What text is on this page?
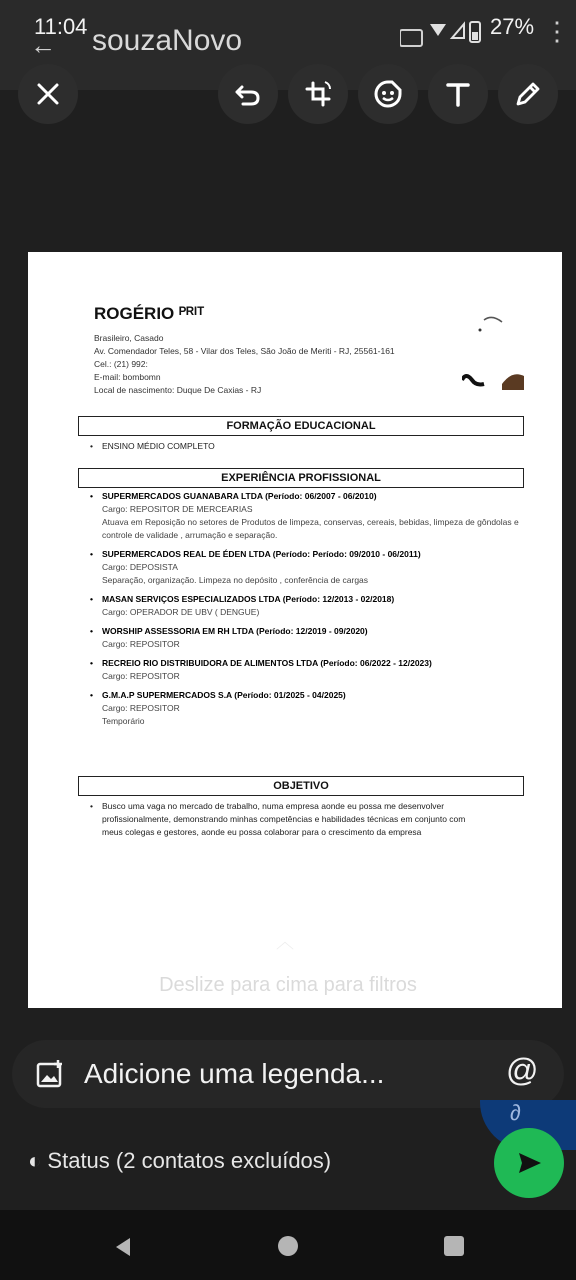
11:04
← souzaNovo	27% ⋮
ROGÉRIO ᴾᴿᴵᵀ
Brasileiro, Casado
Av. Comendador Teles, 58 - Vilar dos Teles, São João de Meriti - RJ, 25561-161
Cel.: (21) 992:
E-mail: bombomn
Local de nascimento: Duque De Caxias - RJ
FORMAÇÃO EDUCACIONAL
• ENSINO MÉDIO COMPLETO
EXPERIÊNCIA PROFISSIONAL
• SUPERMERCADOS GUANABARA LTDA (Período: 06/2007 - 06/2010)
Cargo: REPOSITOR DE MERCEARIAS
Atuava em Reposição no setores de Produtos de limpeza, conservas, cereais, bebidas, limpeza de gôndolas e controle de validade , arrumação e separação.
• SUPERMERCADOS REAL DE ÉDEN LTDA (Período: Período: 09/2010 - 06/2011)
Cargo: DEPOSISTA
Separação, organização. Limpeza no depósito , conferência de cargas
• MASAN SERVIÇOS ESPECIALIZADOS LTDA (Período: 12/2013 - 02/2018)
Cargo: OPERADOR DE UBV ( DENGUE)
• WORSHIP ASSESSORIA EM RH LTDA (Período: 12/2019 - 09/2020)
Cargo: REPOSITOR
• RECREIO RIO DISTRIBUIDORA DE ALIMENTOS LTDA (Período: 06/2022 - 12/2023)
Cargo: REPOSITOR
• G.M.A.P SUPERMERCADOS S.A (Período: 01/2025 - 04/2025)
Cargo: REPOSITOR
Temporário
OBJETIVO
• Busco uma vaga no mercado de trabalho, numa empresa aonde eu possa me desenvolver profissionalmente, demonstrando minhas competências e habilidades técnicas em conjunto com meus colegas e gestores, aonde eu possa colaborar para o crescimento da empresa
︿
Deslize para cima para filtros
Adicione uma legenda...
@
∂
◐ Status (2 contatos excluídos)
